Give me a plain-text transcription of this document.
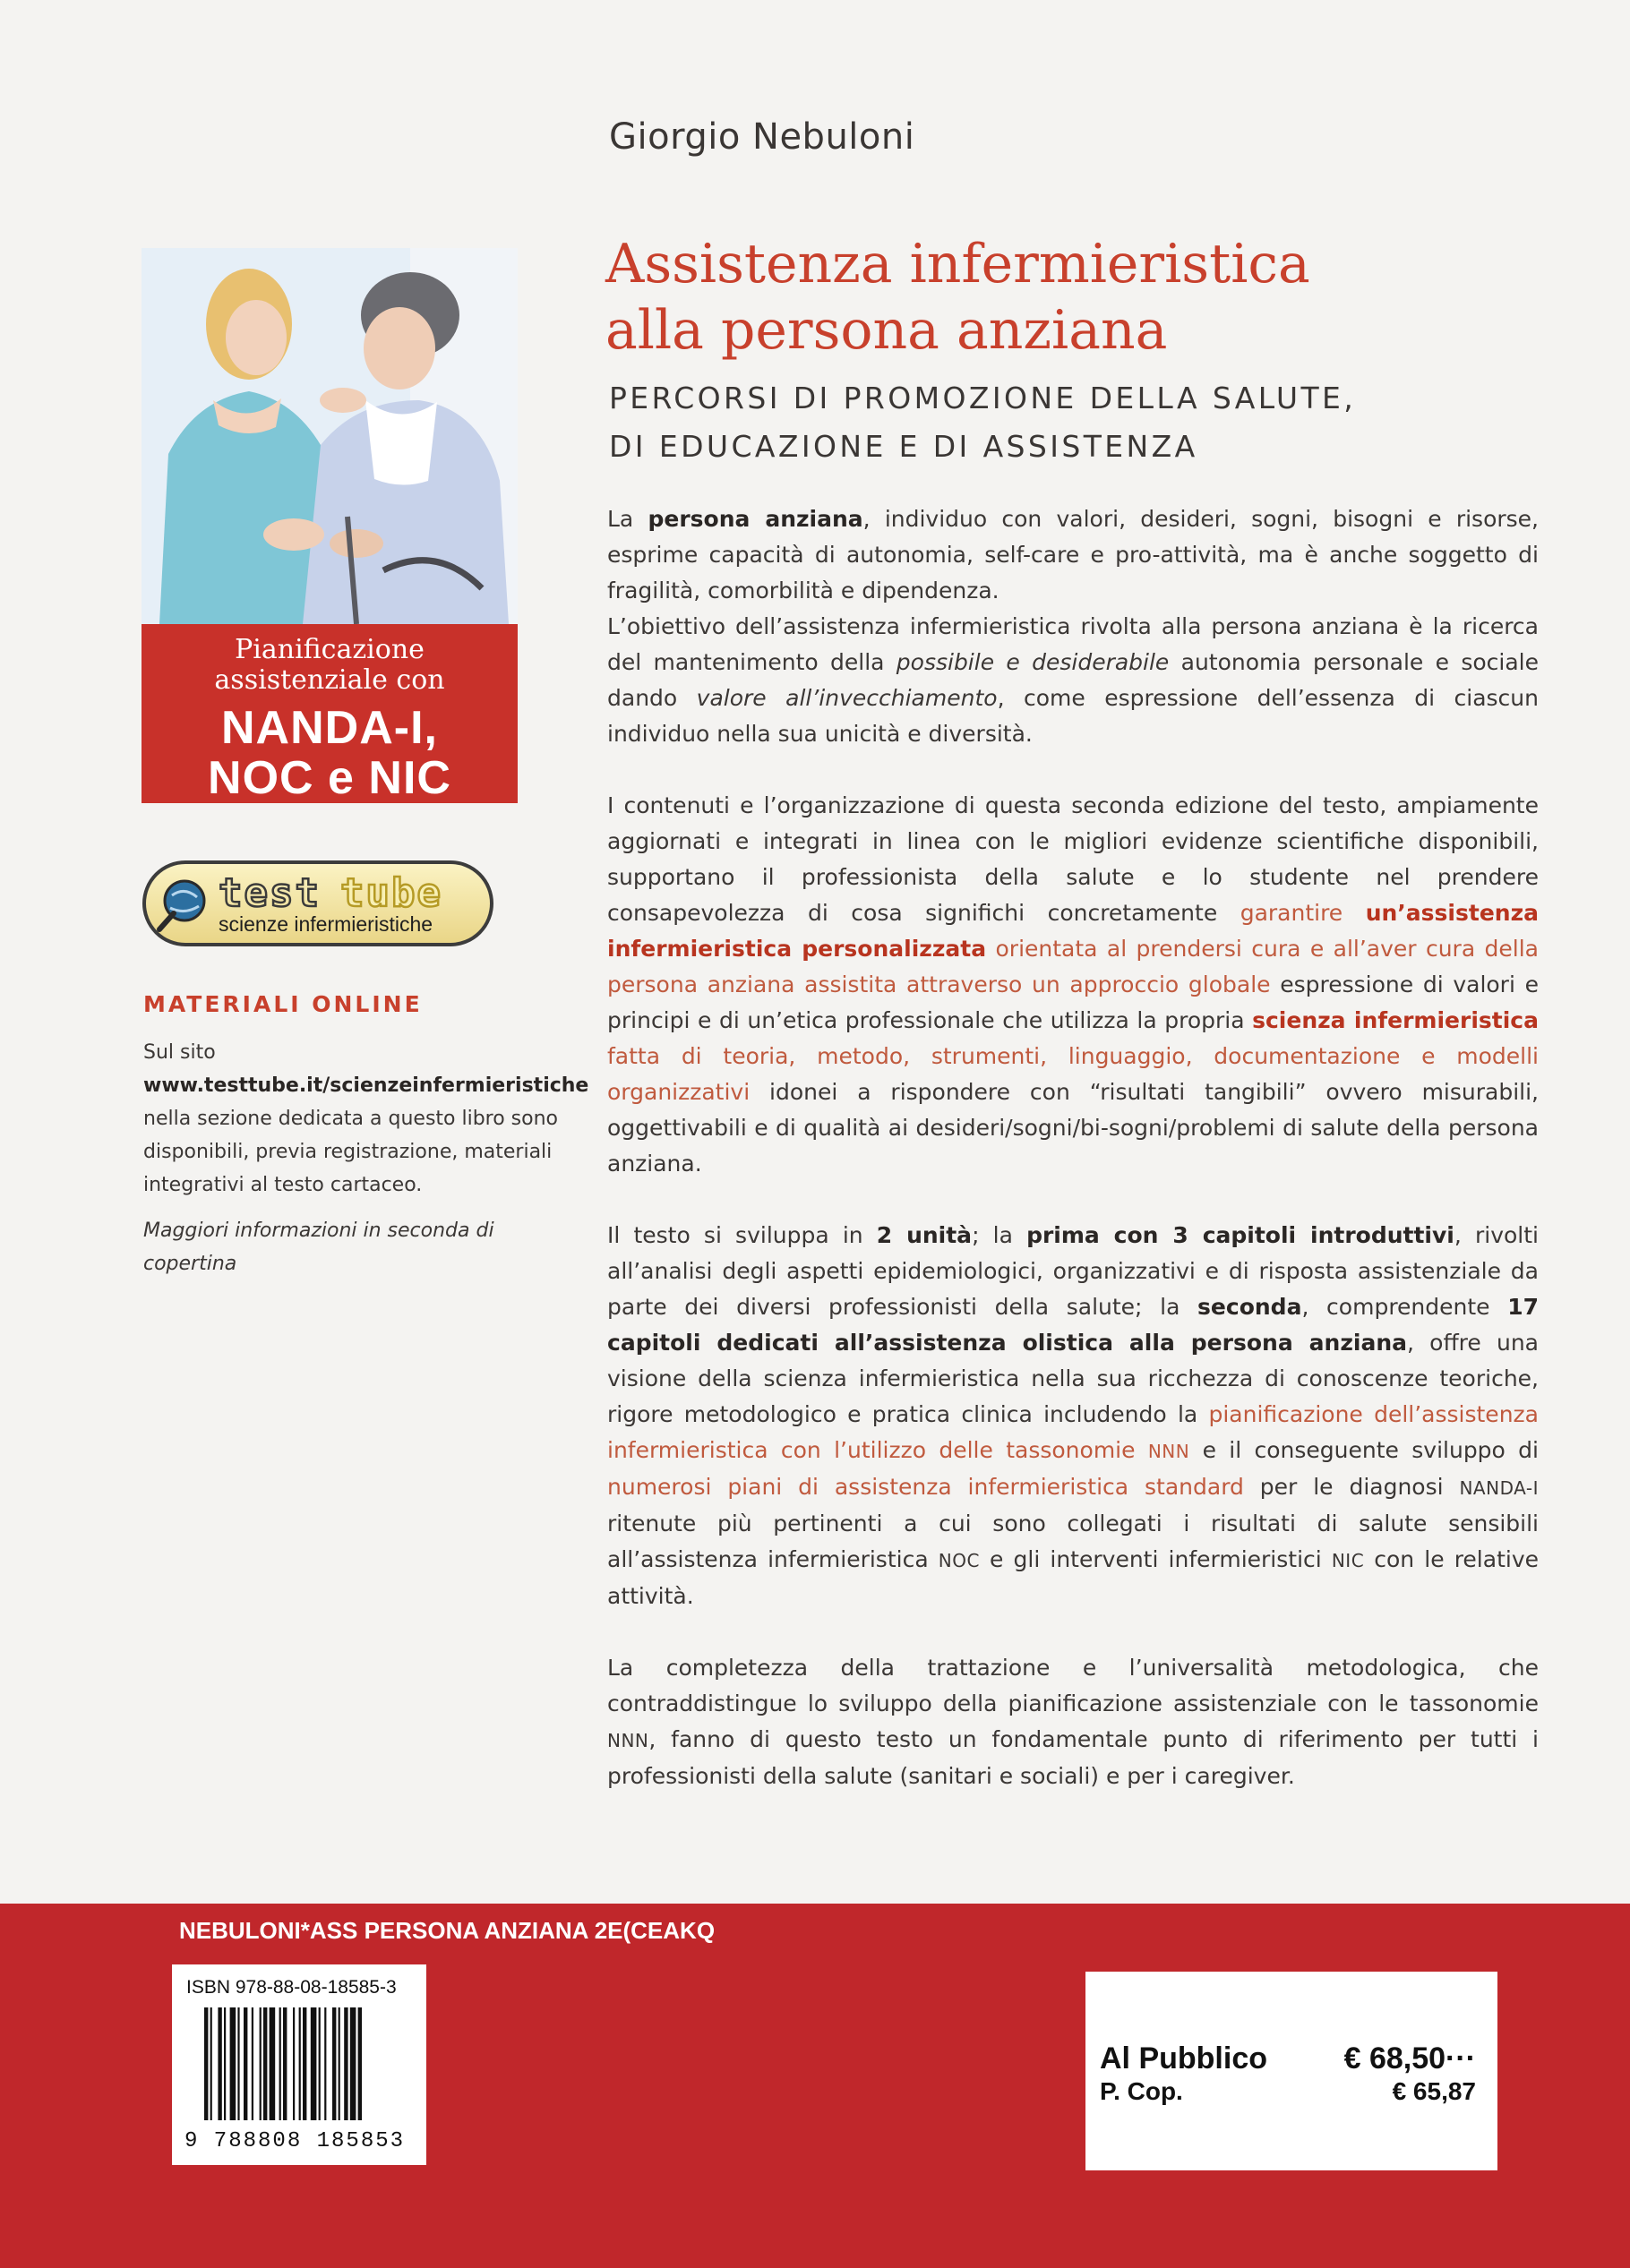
Giorgio Nebuloni
Assistenza infermieristica
alla persona anziana
PERCORSI DI PROMOZIONE DELLA SALUTE,
DI EDUCAZIONE E DI ASSISTENZA
Pianificazione
assistenziale con
NANDA-I,
NOC e NIC
test tube
scienze infermieristiche
MATERIALI ONLINE
Sul sito
www.testtube.it/scienzeinfermieristiche
nella sezione dedicata a questo libro sono disponibili, previa registrazione, materiali integrativi al testo cartaceo.
Maggiori informazioni in seconda di copertina

La persona anziana, individuo con valori, desideri, sogni, bisogni e risorse, esprime capacità di autonomia, self-care e pro-attività, ma è anche soggetto di fragilità, comorbilità e dipendenza.
L’obiettivo dell’assistenza infermieristica rivolta alla persona anziana è la ricerca del mantenimento della possibile e desiderabile autonomia personale e sociale dando valore all’invecchiamento, come espressione dell’essenza di ciascun individuo nella sua unicità e diversità.

I contenuti e l’organizzazione di questa seconda edizione del testo, ampiamente aggiornati e integrati in linea con le migliori evidenze scientifiche disponibili, supportano il professionista della salute e lo studente nel prendere consapevolezza di cosa significhi concretamente garantire un’assistenza infermieristica personalizzata orientata al prendersi cura e all’aver cura della persona anziana assistita attraverso un approccio globale espressione di valori e principi e di un’etica professionale che utilizza la propria scienza infermieristica fatta di teoria, metodo, strumenti, linguaggio, documentazione e modelli organizzativi idonei a rispondere con “risultati tangibili” ovvero misurabili, oggettivabili e di qualità ai desideri/sogni/bi-sogni/problemi di salute della persona anziana.

Il testo si sviluppa in 2 unità; la prima con 3 capitoli introduttivi, rivolti all’analisi degli aspetti epidemiologici, organizzativi e di risposta assistenziale da parte dei diversi professionisti della salute; la seconda, comprendente 17 capitoli dedicati all’assistenza olistica alla persona anziana, offre una visione della scienza infermieristica nella sua ricchezza di conoscenze teoriche, rigore metodologico e pratica clinica includendo la pianificazione dell’assistenza infermieristica con l’utilizzo delle tassonomie NNN e il conseguente sviluppo di numerosi piani di assistenza infermieristica standard per le diagnosi NANDA-I ritenute più pertinenti a cui sono collegati i risultati di salute sensibili all’assistenza infermieristica NOC e gli interventi infermieristici NIC con le relative attività.

La completezza della trattazione e l’universalità metodologica, che contraddistingue lo sviluppo della pianificazione assistenziale con le tassonomie NNN, fanno di questo testo un fondamentale punto di riferimento per tutti i professionisti della salute (sanitari e sociali) e per i caregiver.

NEBULONI*ASS PERSONA ANZIANA 2E(CEAKQ
ISBN 978-88-08-18585-3
9 788808 185853
Al Pubblico	€ 68,50···
P. Cop.	€ 65,87
